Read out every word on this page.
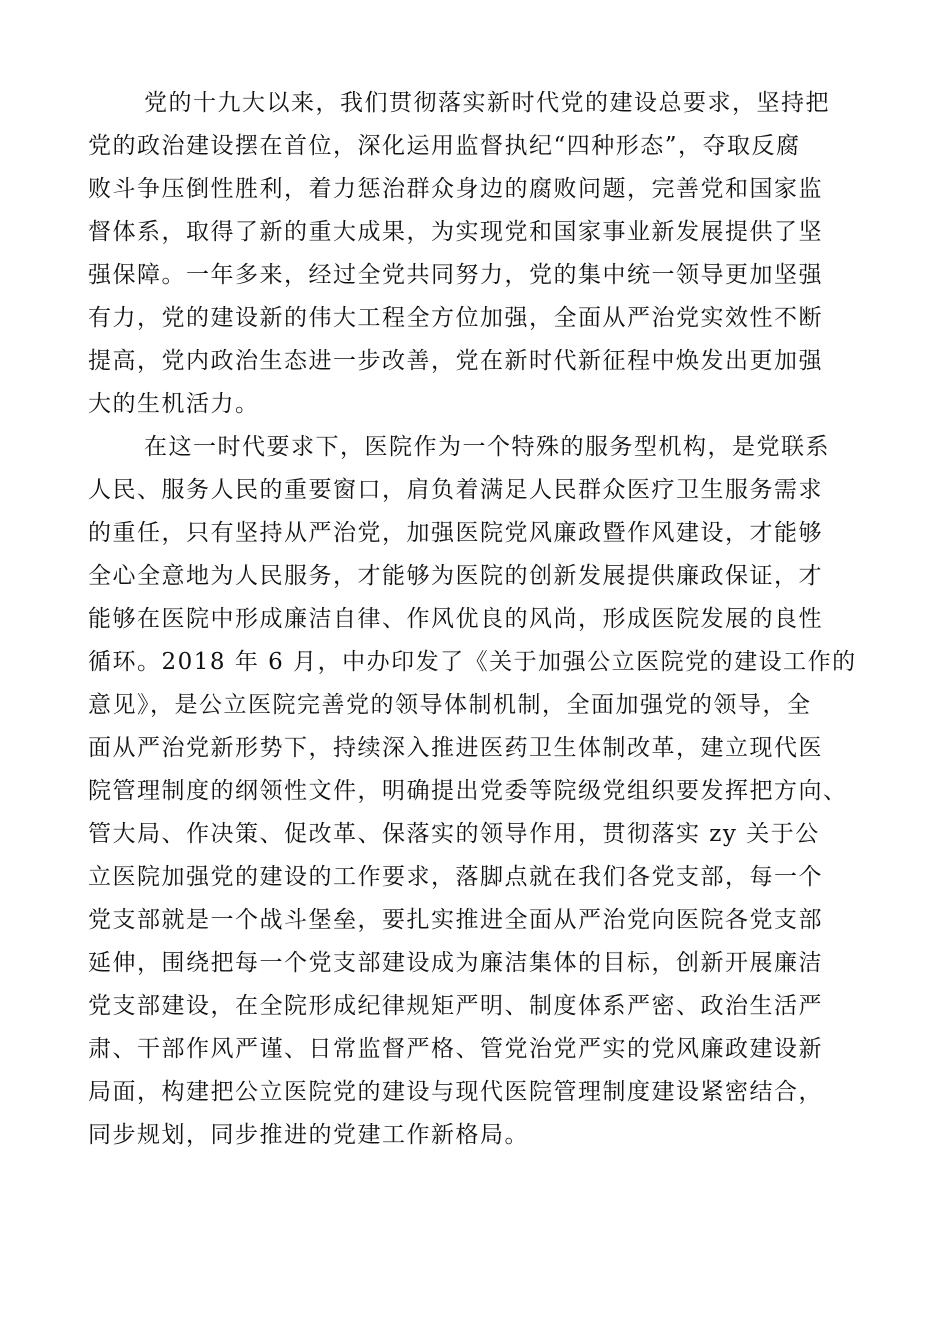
党的十九大以来，我们贯彻落实新时代党的建设总要求，坚持把
党的政治建设摆在首位，深化运用监督执纪“四种形态”，夺取反腐
败斗争压倒性胜利，着力惩治群众身边的腐败问题，完善党和国家监
督体系，取得了新的重大成果，为实现党和国家事业新发展提供了坚
强保障。一年多来，经过全党共同努力，党的集中统一领导更加坚强
有力，党的建设新的伟大工程全方位加强，全面从严治党实效性不断
提高，党内政治生态进一步改善，党在新时代新征程中焕发出更加强
大的生机活力。
在这一时代要求下，医院作为一个特殊的服务型机构，是党联系
人民、服务人民的重要窗口，肩负着满足人民群众医疗卫生服务需求
的重任，只有坚持从严治党，加强医院党风廉政暨作风建设，才能够
全心全意地为人民服务，才能够为医院的创新发展提供廉政保证，才
能够在医院中形成廉洁自律、作风优良的风尚，形成医院发展的良性
循环。2018 年 6 月，中办印发了《关于加强公立医院党的建设工作的
意见》，是公立医院完善党的领导体制机制，全面加强党的领导，全
面从严治党新形势下，持续深入推进医药卫生体制改革，建立现代医
院管理制度的纲领性文件，明确提出党委等院级党组织要发挥把方向、
管大局、作决策、促改革、保落实的领导作用，贯彻落实 zy 关于公
立医院加强党的建设的工作要求，落脚点就在我们各党支部，每一个
党支部就是一个战斗堡垒，要扎实推进全面从严治党向医院各党支部
延伸，围绕把每一个党支部建设成为廉洁集体的目标，创新开展廉洁
党支部建设，在全院形成纪律规矩严明、制度体系严密、政治生活严
肃、干部作风严谨、日常监督严格、管党治党严实的党风廉政建设新
局面，构建把公立医院党的建设与现代医院管理制度建设紧密结合，
同步规划，同步推进的党建工作新格局。
